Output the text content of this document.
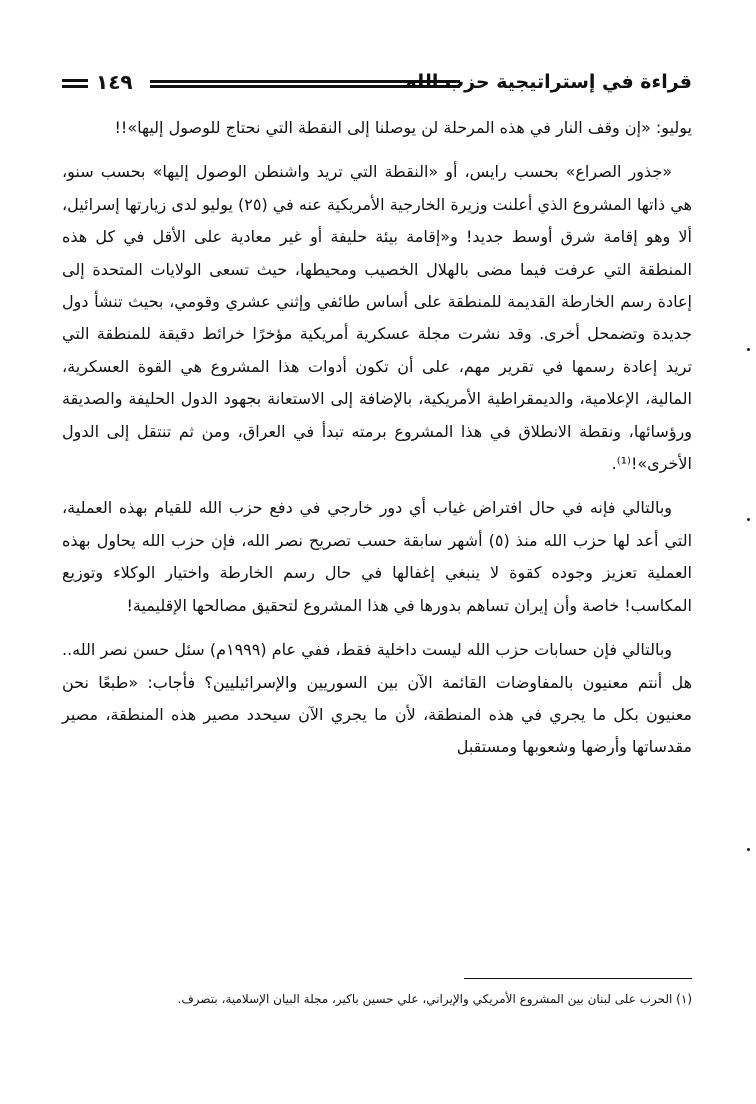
١٤٩	قراءة في إستراتيجية حزب الله

يوليو: «إن وقف النار في هذه المرحلة لن يوصلنا إلى النقطة التي نحتاج للوصول إليها»!!

«جذور الصراع» بحسب رايس، أو «النقطة التي تريد واشنطن الوصول إليها» بحسب سنو، هي ذاتها المشروع الذي أعلنت وزيرة الخارجية الأمريكية عنه في (٢٥) يوليو لدى زيارتها إسرائيل، ألا وهو إقامة شرق أوسط جديد! و«إقامة بيئة حليفة أو غير معادية على الأقل في كل هذه المنطقة التي عرفت فيما مضى بالهلال الخصيب ومحيطها، حيث تسعى الولايات المتحدة إلى إعادة رسم الخارطة القديمة للمنطقة على أساس طائفي وإثني عشري وقومي، بحيث تنشأ دول جديدة وتضمحل أخرى. وقد نشرت مجلة عسكرية أمريكية مؤخرًا خرائط دقيقة للمنطقة التي تريد إعادة رسمها في تقرير مهم، على أن تكون أدوات هذا المشروع هي القوة العسكرية، المالية، الإعلامية، والديمقراطية الأمريكية، بالإضافة إلى الاستعانة بجهود الدول الحليفة والصديقة ورؤسائها، ونقطة الانطلاق في هذا المشروع برمته تبدأ في العراق، ومن ثم تنتقل إلى الدول الأخرى»!⁽¹⁾.

وبالتالي فإنه في حال افتراض غياب أي دور خارجي في دفع حزب الله للقيام بهذه العملية، التي أعد لها حزب الله منذ (٥) أشهر سابقة حسب تصريح نصر الله، فإن حزب الله يحاول بهذه العملية تعزيز وجوده كقوة لا ينبغي إغفالها في حال رسم الخارطة واختيار الوكلاء وتوزيع المكاسب! خاصة وأن إيران تساهم بدورها في هذا المشروع لتحقيق مصالحها الإقليمية!

وبالتالي فإن حسابات حزب الله ليست داخلية فقط، ففي عام (١٩٩٩م) سئل حسن نصر الله.. هل أنتم معنيون بالمفاوضات القائمة الآن بين السوريين والإسرائيليين؟ فأجاب: «طبعًا نحن معنيون بكل ما يجري في هذه المنطقة، لأن ما يجري الآن سيحدد مصير هذه المنطقة، مصير مقدساتها وأرضها وشعوبها ومستقبل

(١) الحرب على لبنان بين المشروع الأمريكي والإيراني، علي حسين باكير، مجلة البيان الإسلامية، بتصرف.
